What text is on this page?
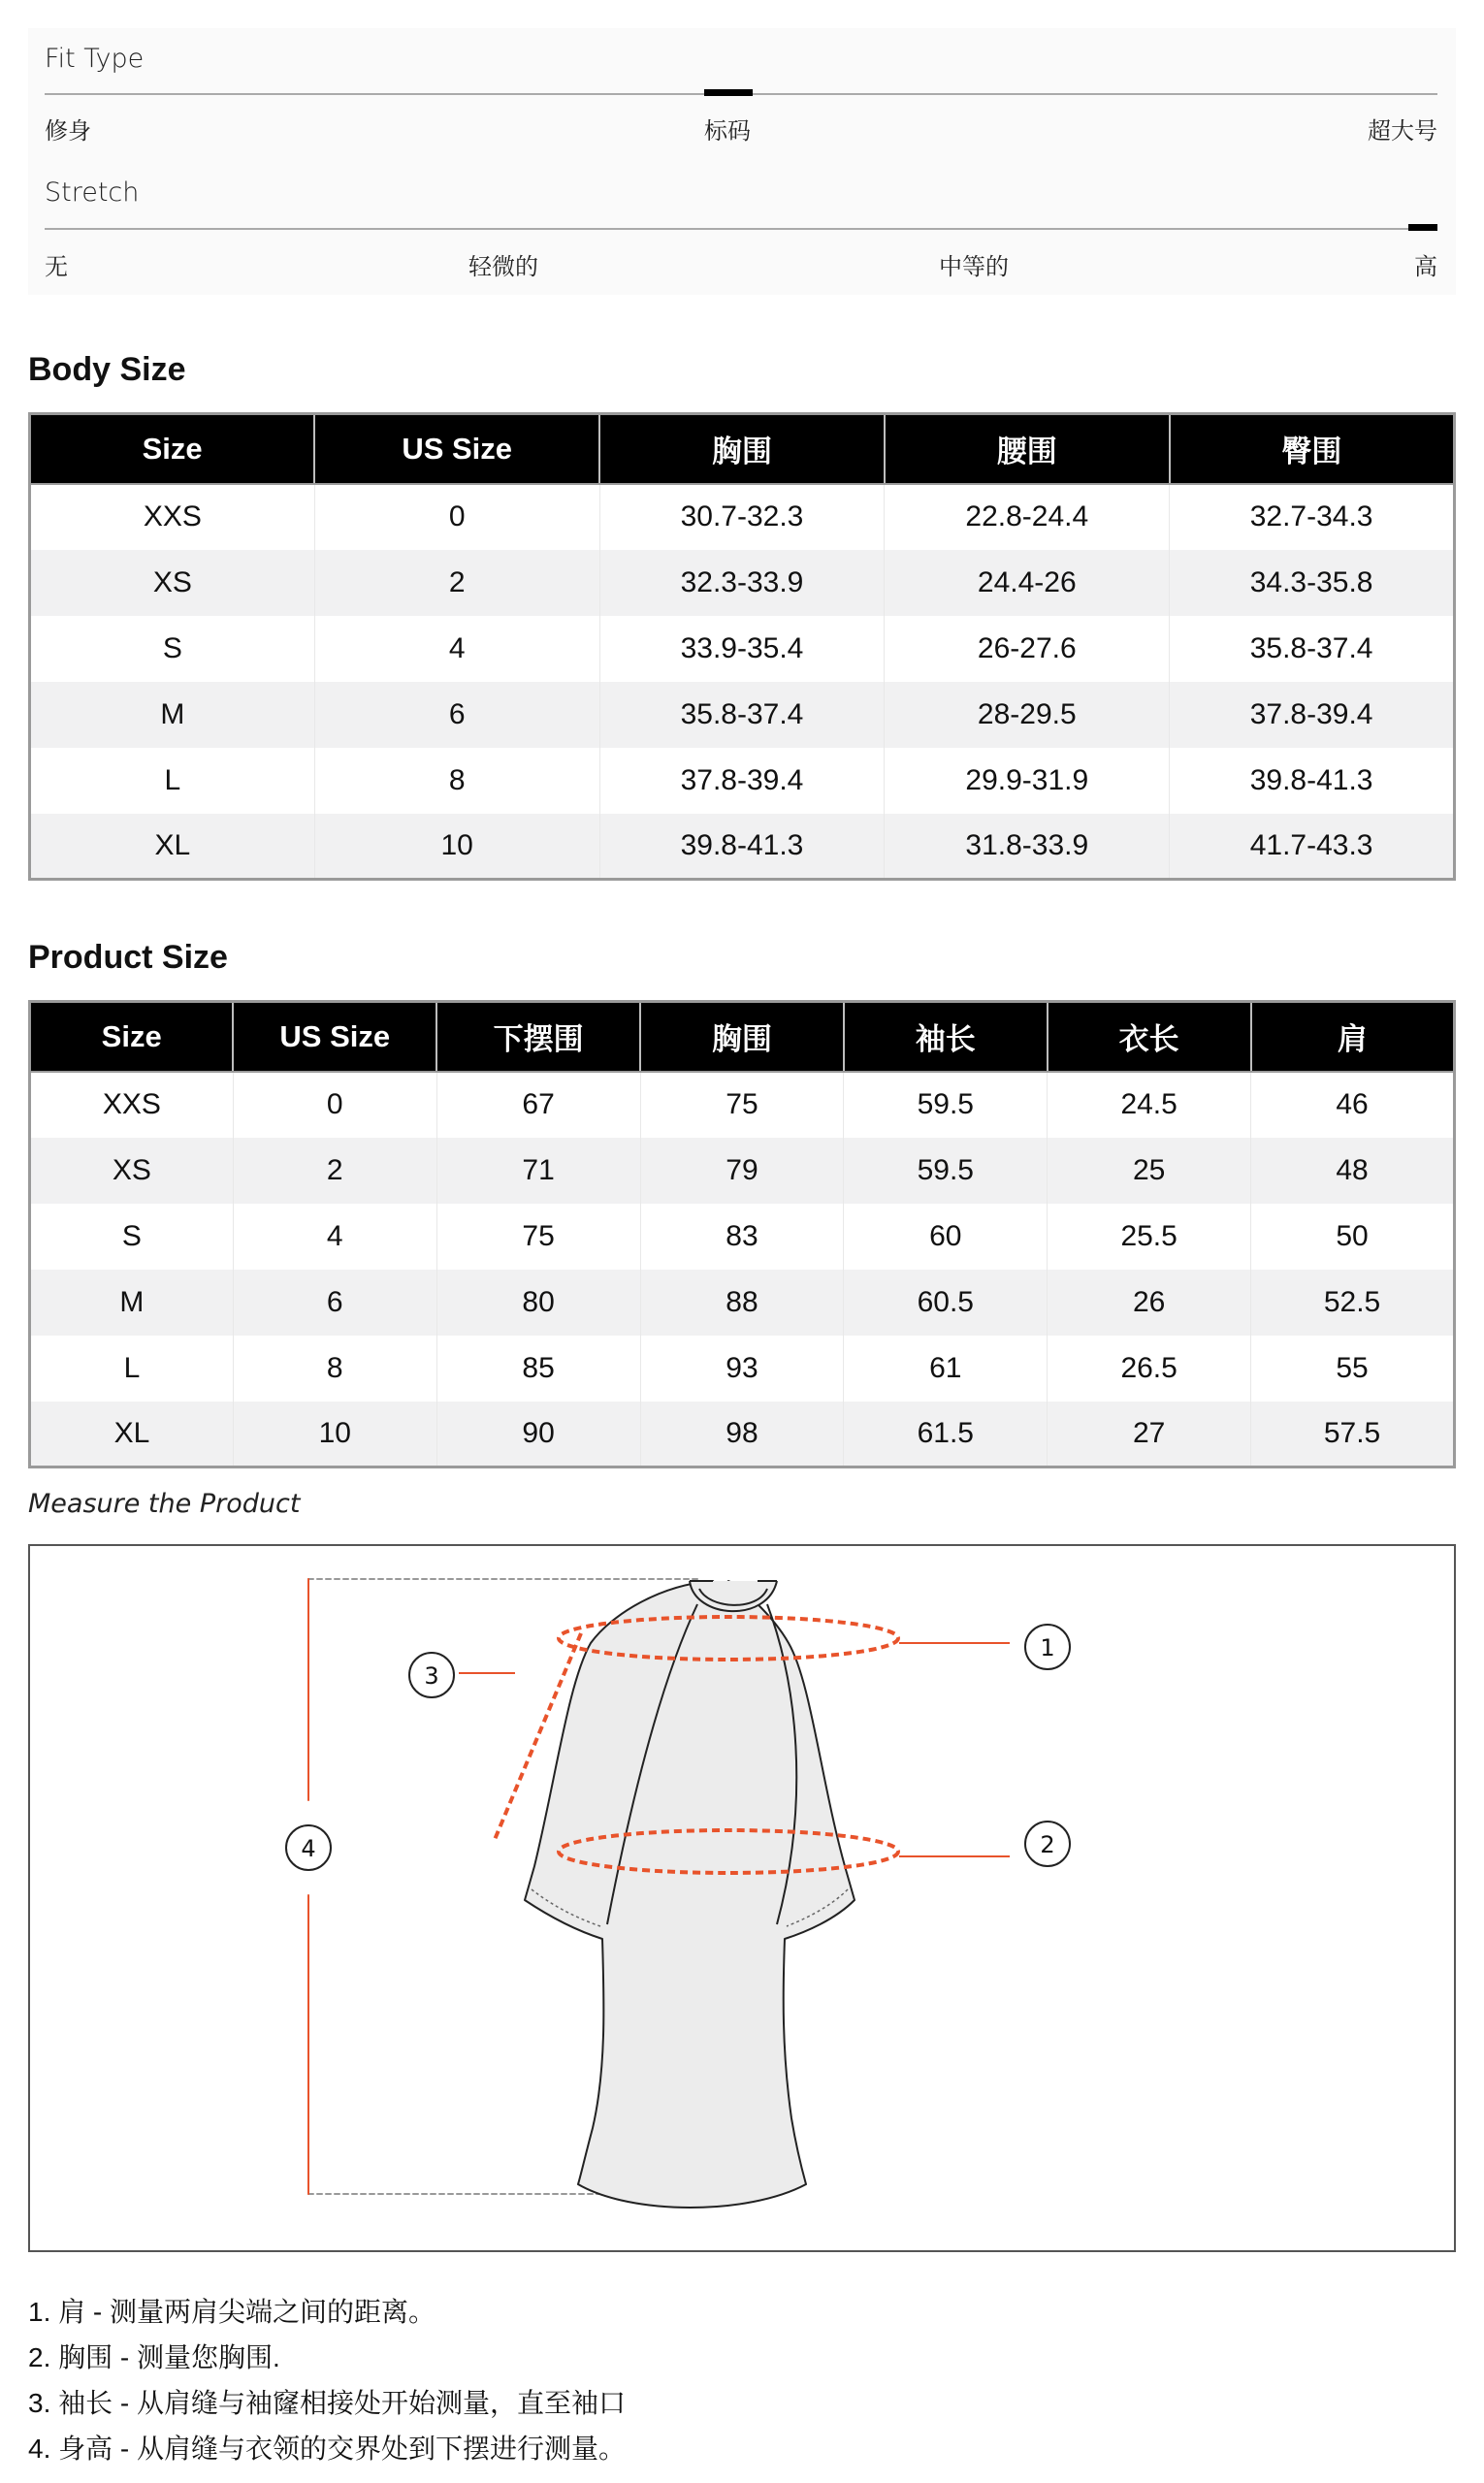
Fit Type
修身	标码	超大号
Stretch
无	轻微的	中等的	高
Body Size
Size	US Size	胸围	腰围	臀围
XXS	0	30.7-32.3	22.8-24.4	32.7-34.3
XS	2	32.3-33.9	24.4-26	34.3-35.8
S	4	33.9-35.4	26-27.6	35.8-37.4
M	6	35.8-37.4	28-29.5	37.8-39.4
L	8	37.8-39.4	29.9-31.9	39.8-41.3
XL	10	39.8-41.3	31.8-33.9	41.7-43.3
Product Size
Size	US Size	下摆围	胸围	袖长	衣长	肩
XXS	0	67	75	59.5	24.5	46
XS	2	71	79	59.5	25	48
S	4	75	83	60	25.5	50
M	6	80	88	60.5	26	52.5
L	8	85	93	61	26.5	55
XL	10	90	98	61.5	27	57.5
Measure the Product
1
2
3
4
1. 肩 - 测量两肩尖端之间的距离。
2. 胸围 - 测量您胸围.
3. 袖长 - 从肩缝与袖窿相接处开始测量，直至袖口
4. 身高 - 从肩缝与衣领的交界处到下摆进行测量。
